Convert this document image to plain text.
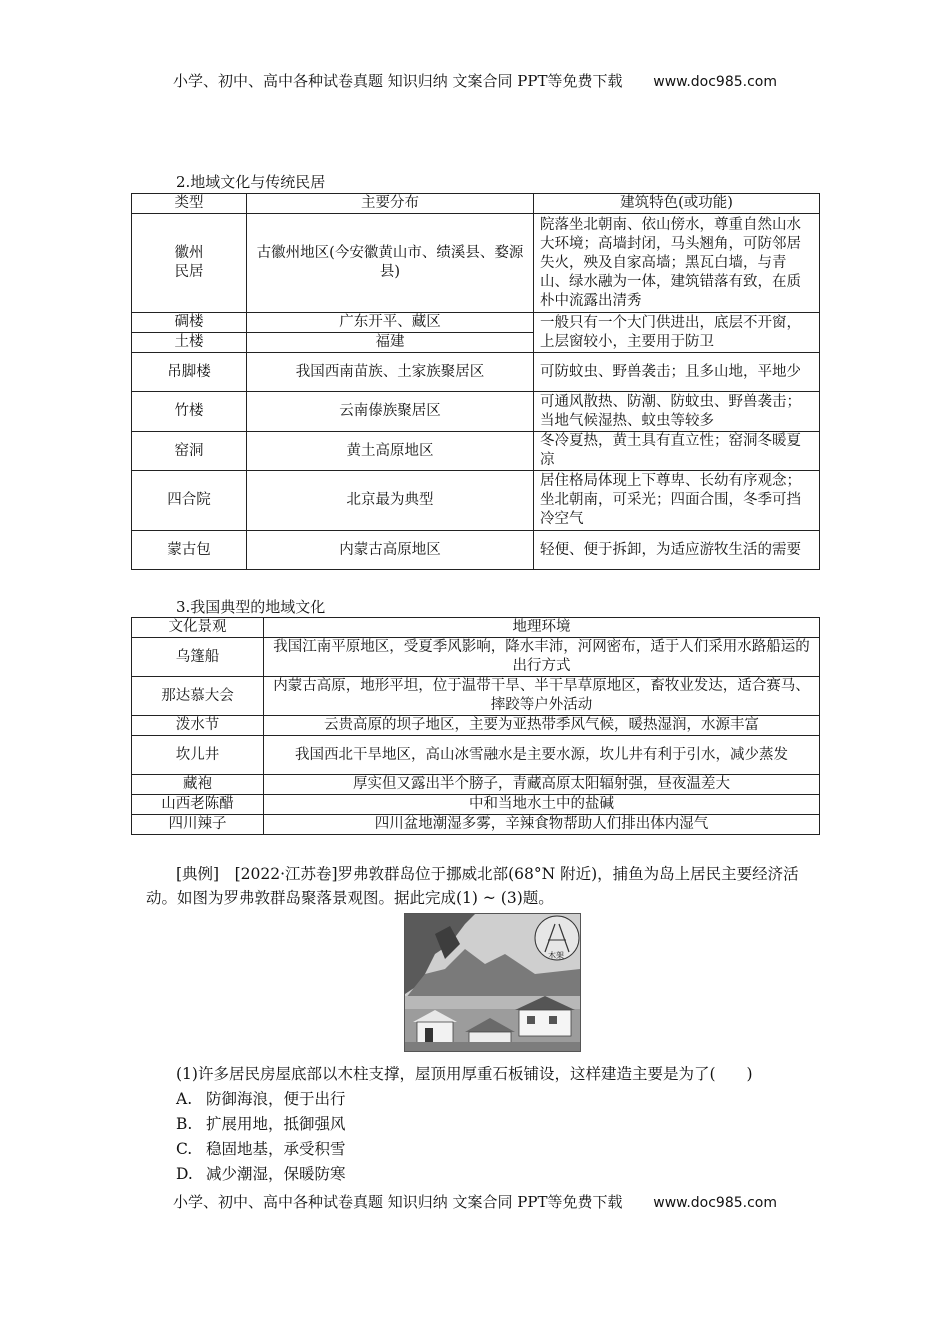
小学、初中、高中各种试卷真题 知识归纳 文案合同 PPT等免费下载 www.doc985.com
2.地域文化与传统民居
类型	主要分布	建筑特色(或功能)

徽州民居	古徽州地区(今安徽黄山市、绩溪县、婺源县)	院落坐北朝南、依山傍水，尊重自然山水大环境；高墙封闭，马头翘角，可防邻居失火，殃及自家高墙；黑瓦白墙，与青山、绿水融为一体，建筑错落有致，在质朴中流露出清秀
碉楼	广东开平、藏区	一般只有一个大门供进出，底层不开窗，上层窗较小，主要用于防卫
土楼	福建	
吊脚楼	我国西南苗族、土家族聚居区	可防蚊虫、野兽袭击；且多山地，平地少
竹楼	云南傣族聚居区	可通风散热、防潮、防蚊虫、野兽袭击；当地气候湿热、蚊虫等较多
窑洞	黄土高原地区	冬冷夏热，黄土具有直立性；窑洞冬暖夏凉
四合院	北京最为典型	居住格局体现上下尊卑、长幼有序观念；坐北朝南，可采光；四面合围，冬季可挡冷空气
蒙古包	内蒙古高原地区	轻便、便于拆卸，为适应游牧生活的需要
3.我国典型的地域文化
文化景观	地理环境
乌篷船	我国江南平原地区，受夏季风影响，降水丰沛，河网密布，适于人们采用水路船运的出行方式
那达慕大会	内蒙古高原，地形平坦，位于温带干旱、半干旱草原地区，畜牧业发达，适合赛马、摔跤等户外活动
泼水节	云贵高原的坝子地区，主要为亚热带季风气候，暖热湿润，水源丰富
坎儿井	我国西北干旱地区，高山冰雪融水是主要水源，坎儿井有利于引水，减少蒸发
藏袍	厚实但又露出半个膀子，青藏高原太阳辐射强，昼夜温差大
山西老陈醋	中和当地水土中的盐碱
四川辣子	四川盆地潮湿多雾，辛辣食物帮助人们排出体内湿气
[典例]　[2022·江苏卷]罗弗敦群岛位于挪威北部(68°N 附近)，捕鱼为岛上居民主要经济活动。如图为罗弗敦群岛聚落景观图。据此完成(1) ~ (3)题。
木架
(1)许多居民房屋底部以木柱支撑，屋顶用厚重石板铺设，这样建造主要是为了(　　)
A. 防御海浪，便于出行
B. 扩展用地，抵御强风
C. 稳固地基，承受积雪
D. 减少潮湿，保暖防寒
小学、初中、高中各种试卷真题 知识归纳 文案合同 PPT等免费下载 www.doc985.com
